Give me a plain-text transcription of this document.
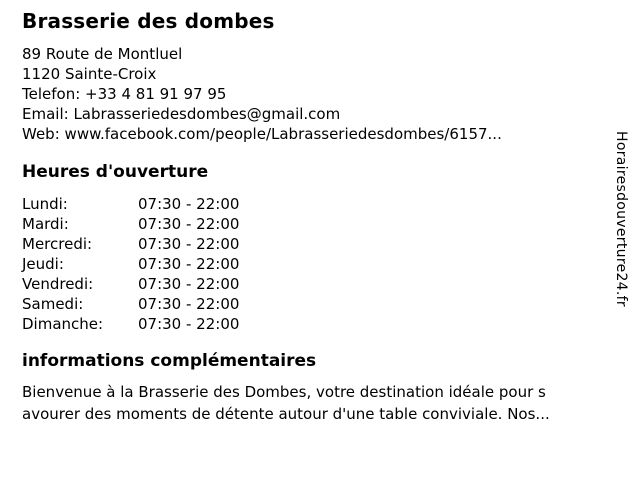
Brasserie des dombes
89 Route de Montluel
1120 Sainte-Croix
Telefon: +33 4 81 91 97 95
Email: Labrasseriedesdombes@gmail.com
Web: www.facebook.com/people/Labrasseriedesdombes/6157...
Heures d'ouverture
Lundi:	07:30 - 22:00
Mardi:	07:30 - 22:00
Mercredi:	07:30 - 22:00
Jeudi:	07:30 - 22:00
Vendredi:	07:30 - 22:00
Samedi:	07:30 - 22:00
Dimanche: 07:30 - 22:00
informations complémentaires
Bienvenue à la Brasserie des Dombes, votre destination idéale pour s
avourer des moments de détente autour d'une table conviviale. Nos...
Horairesdouverture24.fr
